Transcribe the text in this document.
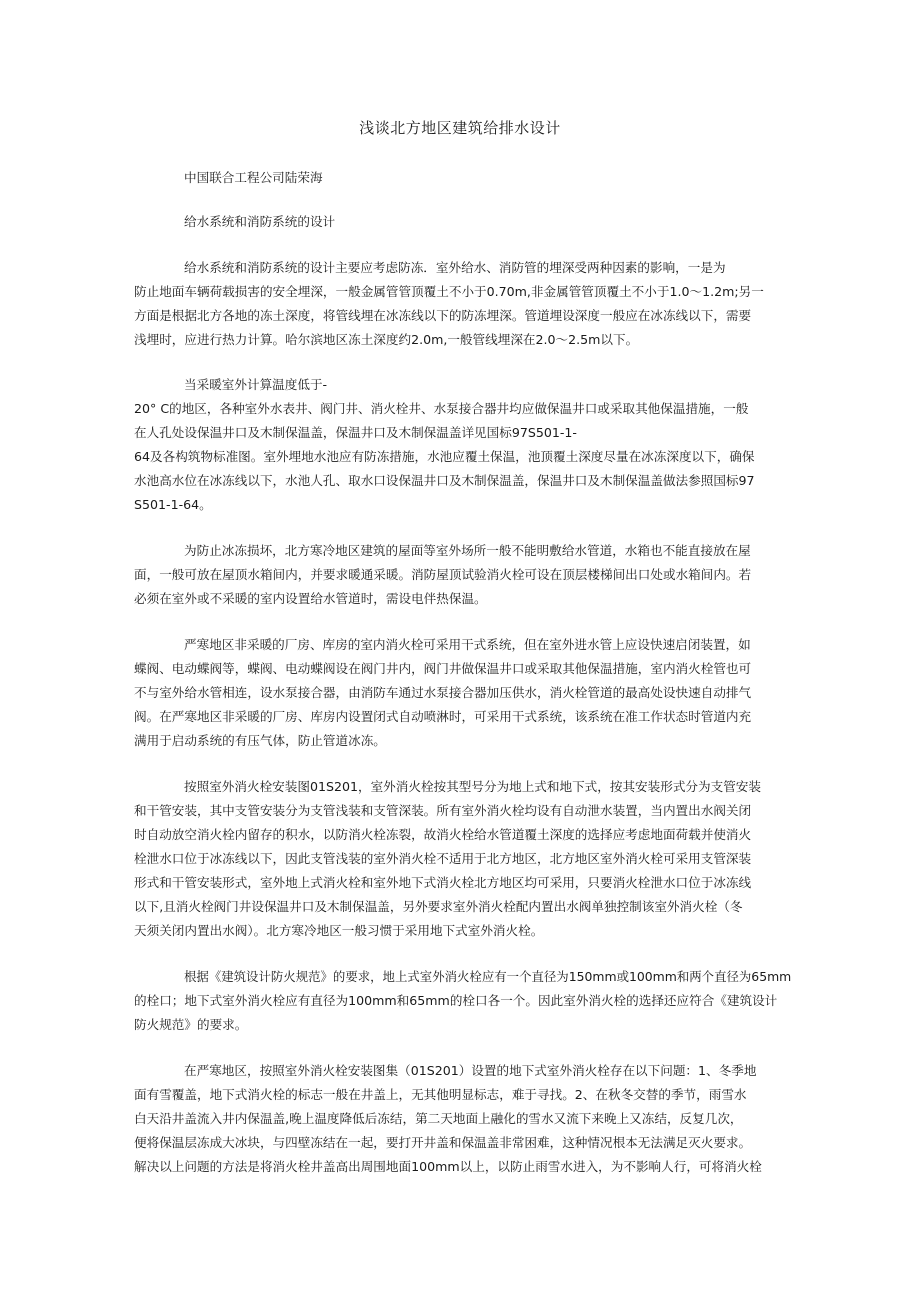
浅谈北方地区建筑给排水设计
中国联合工程公司陆荣海
给水系统和消防系统的设计
给水系统和消防系统的设计主要应考虑防冻．室外给水、消防管的埋深受两种因素的影响，一是为
防止地面车辆荷载损害的安全埋深，一般金属管管顶覆土不小于0.70m,非金属管管顶覆土不小于1.0～1.2m;另一
方面是根据北方各地的冻土深度，将管线埋在冰冻线以下的防冻埋深。管道埋设深度一般应在冰冻线以下，需要
浅埋时，应进行热力计算。哈尔滨地区冻土深度约2.0m,一般管线埋深在2.0～2.5m以下。
当采暖室外计算温度低于-
20° C的地区，各种室外水表井、阀门井、消火栓井、水泵接合器井均应做保温井口或采取其他保温措施，一般
在人孔处设保温井口及木制保温盖，保温井口及木制保温盖详见国标97S501-1-
64及各构筑物标准图。室外埋地水池应有防冻措施，水池应覆土保温，池顶覆土深度尽量在冰冻深度以下，确保
水池高水位在冰冻线以下，水池人孔、取水口设保温井口及木制保温盖，保温井口及木制保温盖做法参照国标97
S501-1-64。
为防止冰冻损坏，北方寒冷地区建筑的屋面等室外场所一般不能明敷给水管道，水箱也不能直接放在屋
面，一般可放在屋顶水箱间内，并要求暖通采暖。消防屋顶试验消火栓可设在顶层楼梯间出口处或水箱间内。若
必须在室外或不采暖的室内设置给水管道时，需设电伴热保温。
严寒地区非采暖的厂房、库房的室内消火栓可采用干式系统，但在室外进水管上应设快速启闭装置，如
蝶阀、电动蝶阀等，蝶阀、电动蝶阀设在阀门井内，阀门井做保温井口或采取其他保温措施，室内消火栓管也可
不与室外给水管相连，设水泵接合器，由消防车通过水泵接合器加压供水，消火栓管道的最高处设快速自动排气
阀。在严寒地区非采暖的厂房、库房内设置闭式自动喷淋时，可采用干式系统，该系统在准工作状态时管道内充
满用于启动系统的有压气体，防止管道冰冻。
按照室外消火栓安装图01S201，室外消火栓按其型号分为地上式和地下式，按其安装形式分为支管安装
和干管安装，其中支管安装分为支管浅装和支管深装。所有室外消火栓均设有自动泄水装置，当内置出水阀关闭
时自动放空消火栓内留存的积水，以防消火栓冻裂，故消火栓给水管道覆土深度的选择应考虑地面荷载并使消火
栓泄水口位于冰冻线以下，因此支管浅装的室外消火栓不适用于北方地区，北方地区室外消火栓可采用支管深装
形式和干管安装形式，室外地上式消火栓和室外地下式消火栓北方地区均可采用，只要消火栓泄水口位于冰冻线
以下,且消火栓阀门井设保温井口及木制保温盖，另外要求室外消火栓配内置出水阀单独控制该室外消火栓（冬
天须关闭内置出水阀）。北方寒冷地区一般习惯于采用地下式室外消火栓。
根据《建筑设计防火规范》的要求，地上式室外消火栓应有一个直径为150mm或100mm和两个直径为65mm
的栓口；地下式室外消火栓应有直径为100mm和65mm的栓口各一个。因此室外消火栓的选择还应符合《建筑设计
防火规范》的要求。
在严寒地区，按照室外消火栓安装图集（01S201）设置的地下式室外消火栓存在以下问题：1、冬季地
面有雪覆盖，地下式消火栓的标志一般在井盖上，无其他明显标志，难于寻找。2、在秋冬交替的季节，雨雪水
白天沿井盖流入井内保温盖,晚上温度降低后冻结，第二天地面上融化的雪水又流下来晚上又冻结，反复几次，
便将保温层冻成大冰块，与四壁冻结在一起，要打开井盖和保温盖非常困难，这种情况根本无法满足灭火要求。
解决以上问题的方法是将消火栓井盖高出周围地面100mm以上，以防止雨雪水进入，为不影响人行，可将消火栓
